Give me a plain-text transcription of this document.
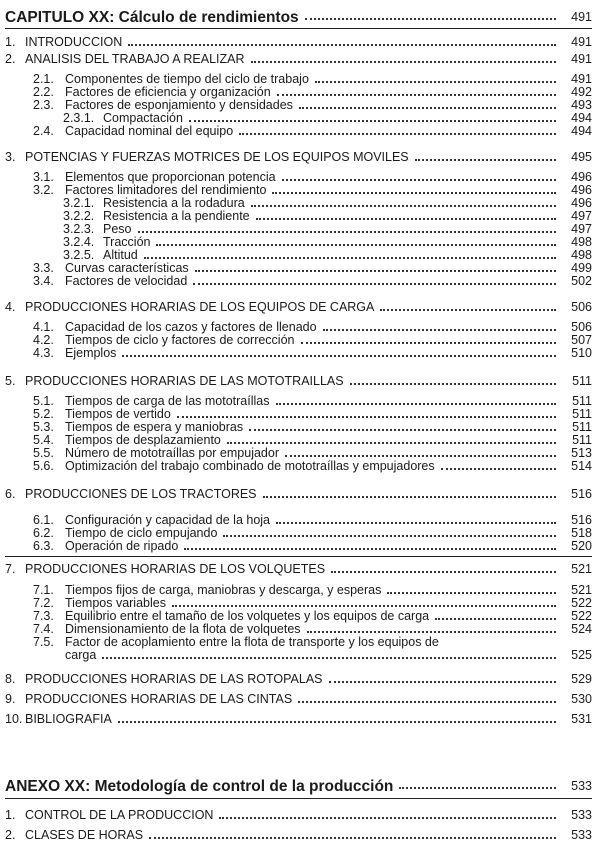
CAPITULO XX: Cálculo de rendimientos	491
1. INTRODUCCION	491
2. ANALISIS DEL TRABAJO A REALIZAR	491
2.1. Componentes de tiempo del ciclo de trabajo	491
2.2. Factores de eficiencia y organización	492
2.3. Factores de esponjamiento y densidades	493
2.3.1. Compactación	494
2.4. Capacidad nominal del equipo	494
3. POTENCIAS Y FUERZAS MOTRICES DE LOS EQUIPOS MOVILES	495
3.1. Elementos que proporcionan potencia	496
3.2. Factores limitadores del rendimiento	496
3.2.1. Resistencia a la rodadura	496
3.2.2. Resistencia a la pendiente	497
3.2.3. Peso	497
3.2.4. Tracción	498
3.2.5. Altitud	498
3.3. Curvas características	499
3.4. Factores de velocidad	502
4. PRODUCCIONES HORARIAS DE LOS EQUIPOS DE CARGA	506
4.1. Capacidad de los cazos y factores de llenado	506
4.2. Tiempos de ciclo y factores de corrección	507
4.3. Ejemplos	510
5. PRODUCCIONES HORARIAS DE LAS MOTOTRAILLAS	511
5.1. Tiempos de carga de las mototraíllas	511
5.2. Tiempos de vertido	511
5.3. Tiempos de espera y maniobras	511
5.4. Tiempos de desplazamiento	511
5.5. Número de mototraíllas por empujador	513
5.6. Optimización del trabajo combinado de mototraíllas y empujadores	514
6. PRODUCCIONES DE LOS TRACTORES	516
6.1. Configuración y capacidad de la hoja	516
6.2. Tiempo de ciclo empujando	518
6.3. Operación de ripado	520
7. PRODUCCIONES HORARIAS DE LOS VOLQUETES	521
7.1. Tiempos fijos de carga, maniobras y descarga, y esperas	521
7.2. Tiempos variables	522
7.3. Equilibrio entre el tamaño de los volquetes y los equipos de carga	522
7.4. Dimensionamiento de la flota de volquetes	524
7.5. Factor de acoplamiento entre la flota de transporte y los equipos de
carga	525
8. PRODUCCIONES HORARIAS DE LAS ROTOPALAS	529
9. PRODUCCIONES HORARIAS DE LAS CINTAS	530
10. BIBLIOGRAFIA	531
ANEXO XX: Metodología de control de la producción	533
1. CONTROL DE LA PRODUCCION	533
2. CLASES DE HORAS	533
